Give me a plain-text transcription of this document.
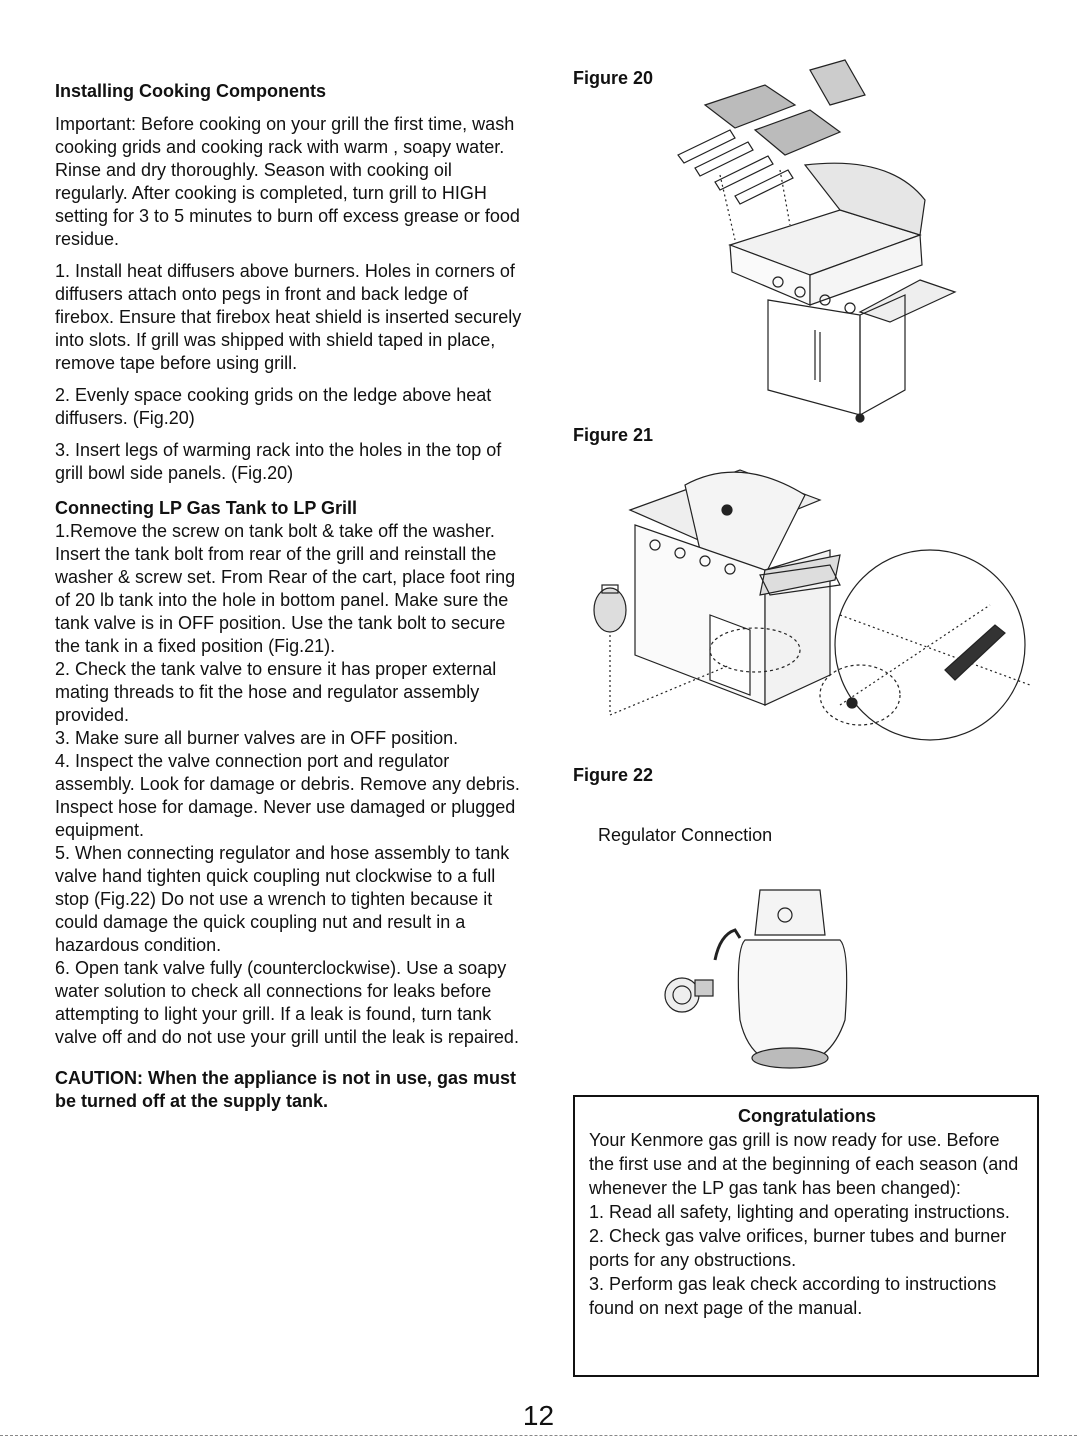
Installing Cooking Components

Important: Before cooking on your grill the first time, wash cooking grids and cooking rack with warm , soapy water. Rinse and dry thoroughly. Season with cooking oil regularly. After cooking is completed, turn grill to HIGH setting for 3 to 5 minutes to burn off excess grease or food residue.

1. Install heat diffusers above burners. Holes in corners of diffusers attach onto pegs in front and back ledge of firebox. Ensure that firebox heat shield is inserted securely into slots. If grill was shipped with shield taped in place, remove tape before using grill.

2. Evenly space cooking grids on the ledge above heat diffusers. (Fig.20)

3. Insert legs of warming rack into the holes in the top of grill bowl side panels. (Fig.20)

Connecting LP Gas Tank to LP Grill

1.Remove the screw on tank bolt & take off the washer. Insert the tank bolt from rear of the grill and reinstall the washer & screw set. From Rear of the cart, place foot ring of 20 lb tank into the hole in bottom panel. Make sure the tank valve is in OFF position. Use the tank bolt to secure the tank in a fixed position (Fig.21).

2. Check the tank valve to ensure it has proper external mating threads to fit the hose and regulator assembly provided.

3. Make sure all burner valves are in OFF position.

4. Inspect the valve connection port and regulator assembly. Look for damage or debris. Remove any debris. Inspect hose for damage. Never use damaged or plugged equipment.

5. When connecting regulator and hose assembly to tank valve hand tighten quick coupling nut clockwise to a full stop (Fig.22) Do not use a wrench to tighten because it could damage the quick coupling nut and result in a hazardous condition.

6. Open tank valve fully (counterclockwise). Use a soapy water solution to check all connections for leaks before attempting to light your grill. If a leak is found, turn tank valve off and do not use your grill until the leak is repaired.

CAUTION: When the appliance is not in use, gas must be turned off at the supply tank.

Figure 20
Figure 21
Figure 22
Regulator Connection
Congratulations

Your Kenmore gas grill is now ready for use. Before the first use and at the beginning of each season (and whenever the LP gas tank has been changed):

1. Read all safety, lighting and operating instructions.

2. Check gas valve orifices, burner tubes and burner ports for any obstructions.

3. Perform gas leak check according to instructions found on next page of the manual.

12
